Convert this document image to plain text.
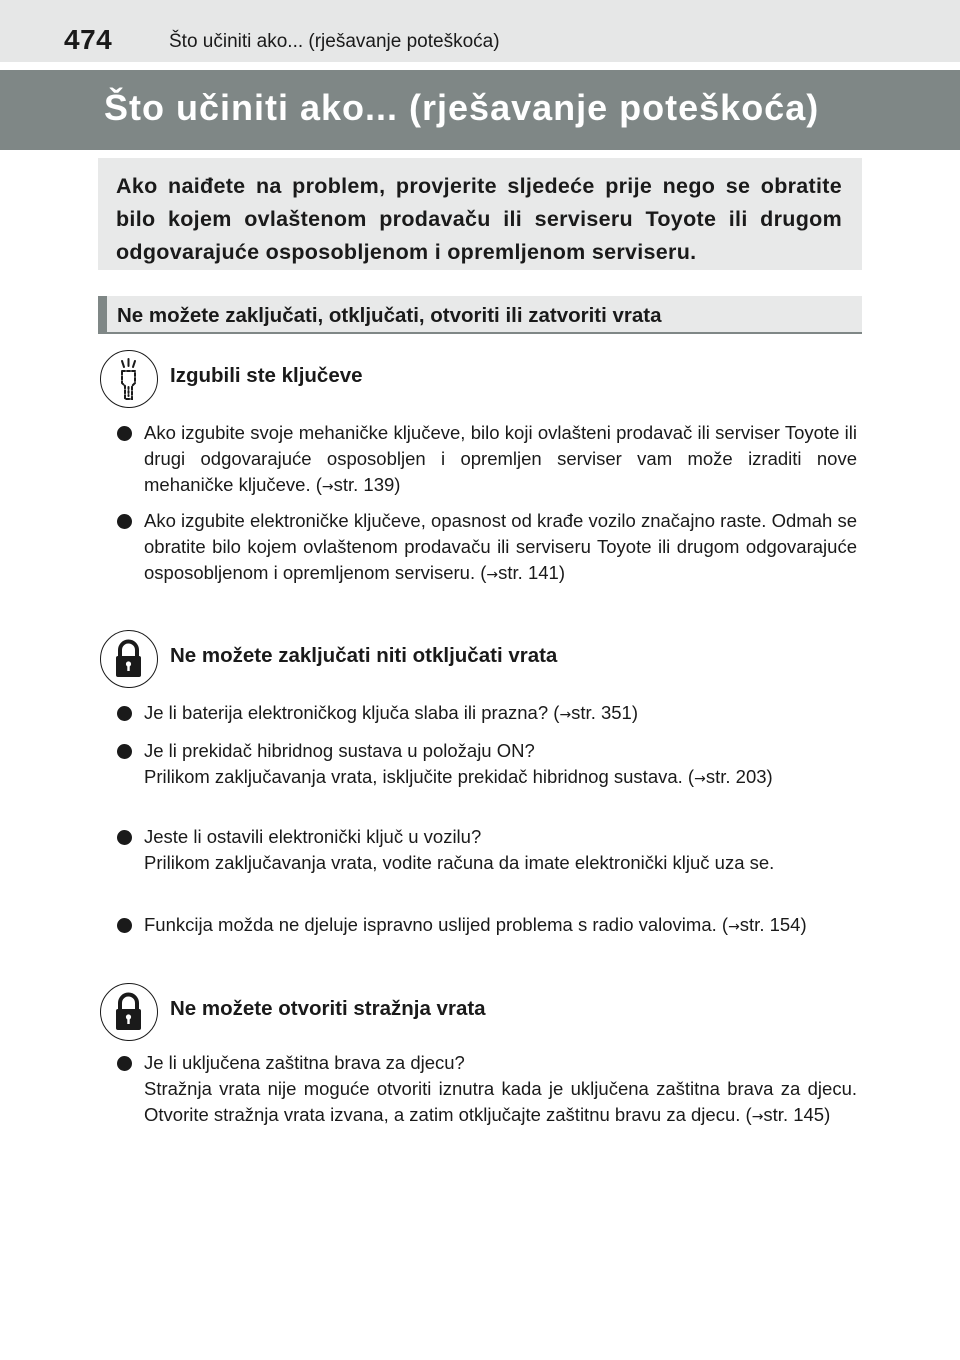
474	Što učiniti ako... (rješavanje poteškoća)
Što učiniti ako... (rješavanje poteškoća)

Ako naiđete na problem, provjerite sljedeće prije nego se obratite bilo kojem ovlaštenom prodavaču ili serviseru Toyote ili drugom odgovarajuće osposobljenom i opremljenom serviseru.

Ne možete zaključati, otključati, otvoriti ili zatvoriti vrata
Izgubili ste ključeve

Ako izgubite svoje mehaničke ključeve, bilo koji ovlašteni prodavač ili serviser Toyote ili drugi odgovarajuće osposobljen i opremljen serviser vam može izraditi nove mehaničke ključeve. (→str. 139)

Ako izgubite elektroničke ključeve, opasnost od krađe vozilo značajno raste. Odmah se obratite bilo kojem ovlaštenom prodavaču ili serviseru Toyote ili drugom odgovarajuće osposobljenom i opremljenom serviseru. (→str. 141)

Ne možete zaključati niti otključati vrata

Je li baterija elektroničkog ključa slaba ili prazna? (→str. 351)

Je li prekidač hibridnog sustava u položaju ON?

Prilikom zaključavanja vrata, isključite prekidač hibridnog sustava. (→str. 203)

Jeste li ostavili elektronički ključ u vozilu?

Prilikom zaključavanja vrata, vodite računa da imate elektronički ključ uza se.

Funkcija možda ne djeluje ispravno uslijed problema s radio valovima. (→str. 154)

Ne možete otvoriti stražnja vrata

Je li uključena zaštitna brava za djecu?

Stražnja vrata nije moguće otvoriti iznutra kada je uključena zaštitna brava za djecu. Otvorite stražnja vrata izvana, a zatim otključajte zaštitnu bravu za djecu. (→str. 145)
